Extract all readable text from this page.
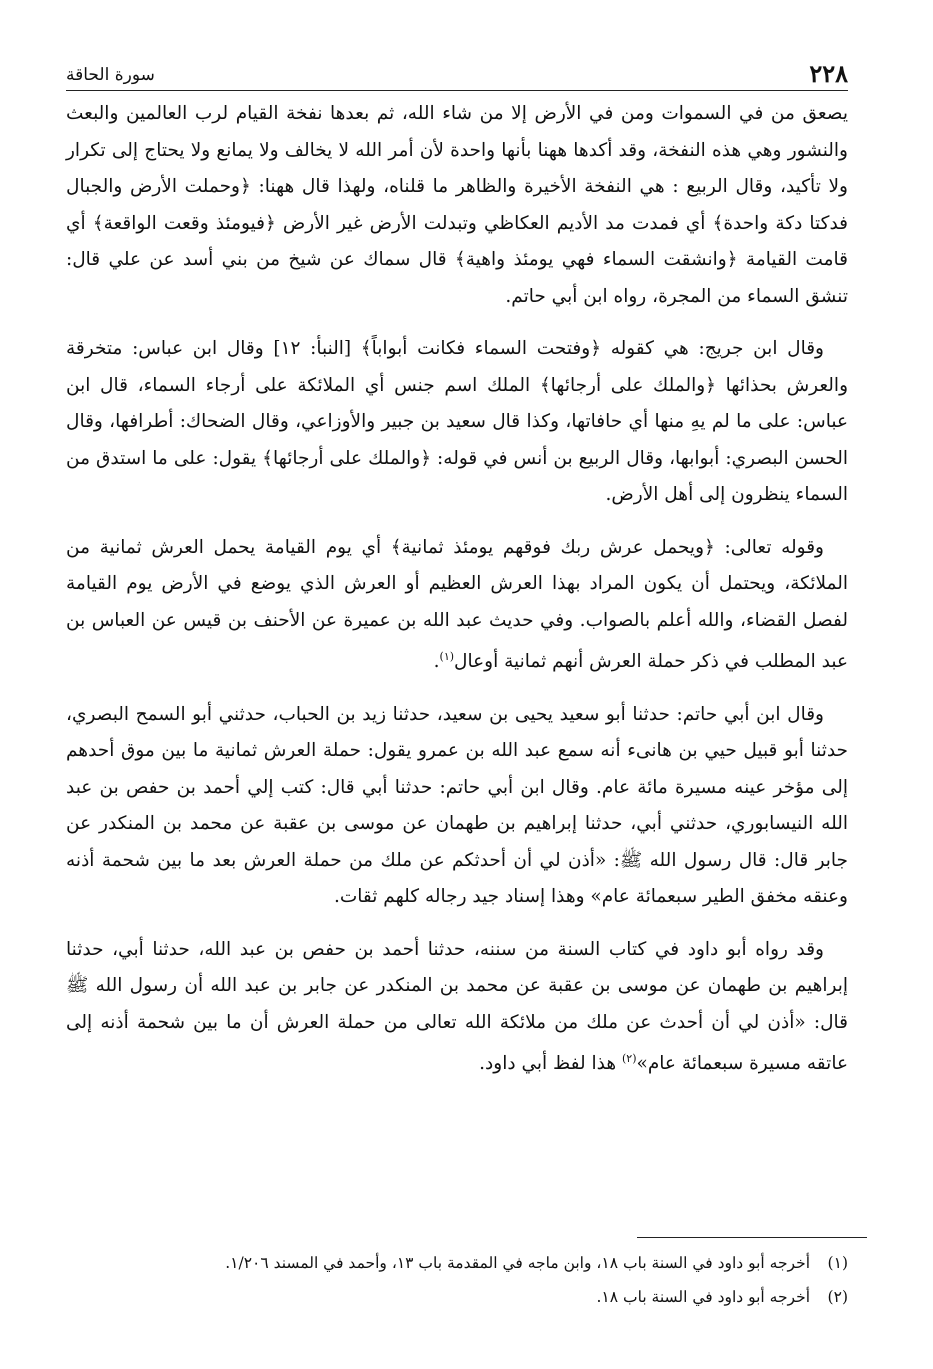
٢٢٨
سورة الحاقة

يصعق من في السموات ومن في الأرض إلا من شاء الله، ثم بعدها نفخة القيام لرب العالمين والبعث والنشور وهي هذه النفخة، وقد أكدها ههنا بأنها واحدة لأن أمر الله لا يخالف ولا يمانع ولا يحتاج إلى تكرار ولا تأكيد، وقال الربيع : هي النفخة الأخيرة والظاهر ما قلناه، ولهذا قال ههنا: ﴿وحملت الأرض والجبال فدكتا دكة واحدة﴾ أي فمدت مد الأديم العكاظي وتبدلت الأرض غير الأرض ﴿فيومئذ وقعت الواقعة﴾ أي قامت القيامة ﴿وانشقت السماء فهي يومئذ واهية﴾ قال سماك عن شيخ من بني أسد عن علي قال: تنشق السماء من المجرة، رواه ابن أبي حاتم.

وقال ابن جريج: هي كقوله ﴿وفتحت السماء فكانت أبواباً﴾ [النبأ: ١٢] وقال ابن عباس: متخرقة والعرش بحذائها ﴿والملك على أرجائها﴾ الملك اسم جنس أي الملائكة على أرجاء السماء، قال ابن عباس: على ما لم يهِ منها أي حافاتها، وكذا قال سعيد بن جبير والأوزاعي، وقال الضحاك: أطرافها، وقال الحسن البصري: أبوابها، وقال الربيع بن أنس في قوله: ﴿والملك على أرجائها﴾ يقول: على ما استدق من السماء ينظرون إلى أهل الأرض.

وقوله تعالى: ﴿ويحمل عرش ربك فوقهم يومئذ ثمانية﴾ أي يوم القيامة يحمل العرش ثمانية من الملائكة، ويحتمل أن يكون المراد بهذا العرش العظيم أو العرش الذي يوضع في الأرض يوم القيامة لفصل القضاء، والله أعلم بالصواب. وفي حديث عبد الله بن عميرة عن الأحنف بن قيس عن العباس بن عبد المطلب في ذكر حملة العرش أنهم ثمانية أوعال$^{(١)}$.

وقال ابن أبي حاتم: حدثنا أبو سعيد يحيى بن سعيد، حدثنا زيد بن الحباب، حدثني أبو السمح البصري، حدثنا أبو قبيل حيي بن هانىء أنه سمع عبد الله بن عمرو يقول: حملة العرش ثمانية ما بين موق أحدهم إلى مؤخر عينه مسيرة مائة عام. وقال ابن أبي حاتم: حدثنا أبي قال: كتب إلي أحمد بن حفص بن عبد الله النيسابوري، حدثني أبي، حدثنا إبراهيم بن طهمان عن موسى بن عقبة عن محمد بن المنكدر عن جابر قال: قال رسول الله ﷺ: «أذن لي أن أحدثكم عن ملك من حملة العرش بعد ما بين شحمة أذنه وعنقه مخفق الطير سبعمائة عام» وهذا إسناد جيد رجاله كلهم ثقات.

وقد رواه أبو داود في كتاب السنة من سننه، حدثنا أحمد بن حفص بن عبد الله، حدثنا أبي، حدثنا إبراهيم بن طهمان عن موسى بن عقبة عن محمد بن المنكدر عن جابر بن عبد الله أن رسول الله ﷺ قال: «أذن لي أن أحدث عن ملك من ملائكة الله تعالى من حملة العرش أن ما بين شحمة أذنه إلى عاتقه مسيرة سبعمائة عام»$^{(٢)}$ هذا لفظ أبي داود.

(١)
أخرجه أبو داود في السنة باب ١٨، وابن ماجه في المقدمة باب ١٣، وأحمد في المسند ١/٢٠٦.
(٢)
أخرجه أبو داود في السنة باب ١٨.
